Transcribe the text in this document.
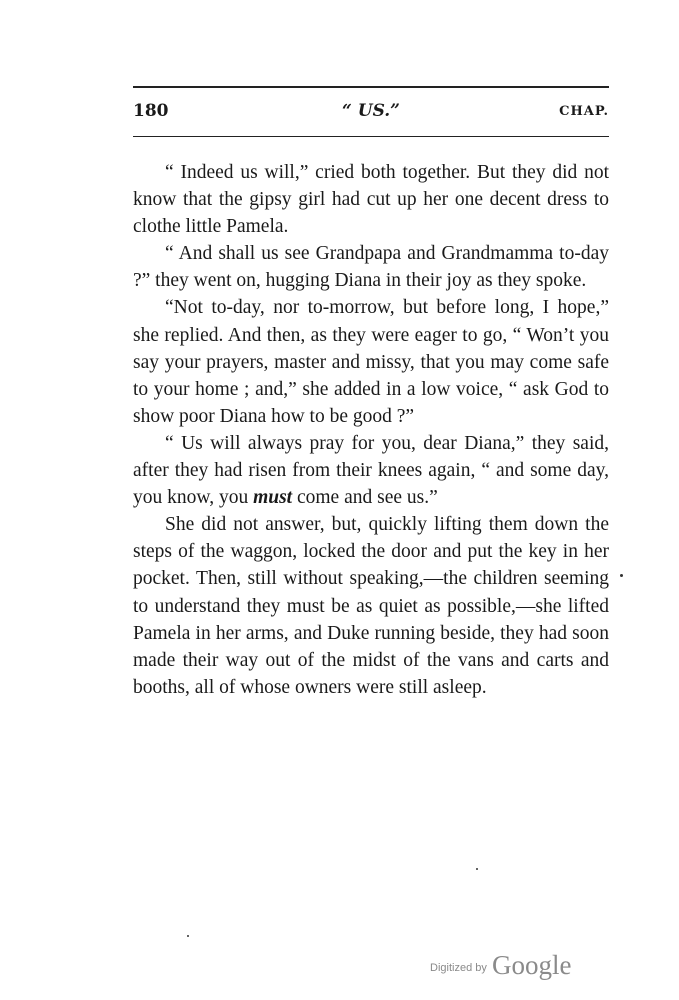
180	“ US.”	CHAP.

“ Indeed us will,” cried both together. But they did not know that the gipsy girl had cut up her one decent dress to clothe little Pamela.

“ And shall us see Grandpapa and Grandmamma to-day ?” they went on, hugging Diana in their joy as they spoke.

“Not to-day, nor to-morrow, but before long, I hope,” she replied. And then, as they were eager to go, “ Won’t you say your prayers, master and missy, that you may come safe to your home ; and,” she added in a low voice, “ ask God to show poor Diana how to be good ?”

“ Us will always pray for you, dear Diana,” they said, after they had risen from their knees again, “ and some day, you know, you must come and see us.”

She did not answer, but, quickly lifting them down the steps of the waggon, locked the door and put the key in her pocket. Then, still without speaking,—the children seeming to understand they must be as quiet as possible,—she lifted Pamela in her arms, and Duke running beside, they had soon made their way out of the midst of the vans and carts and booths, all of whose owners were still asleep.

Digitized by Google
